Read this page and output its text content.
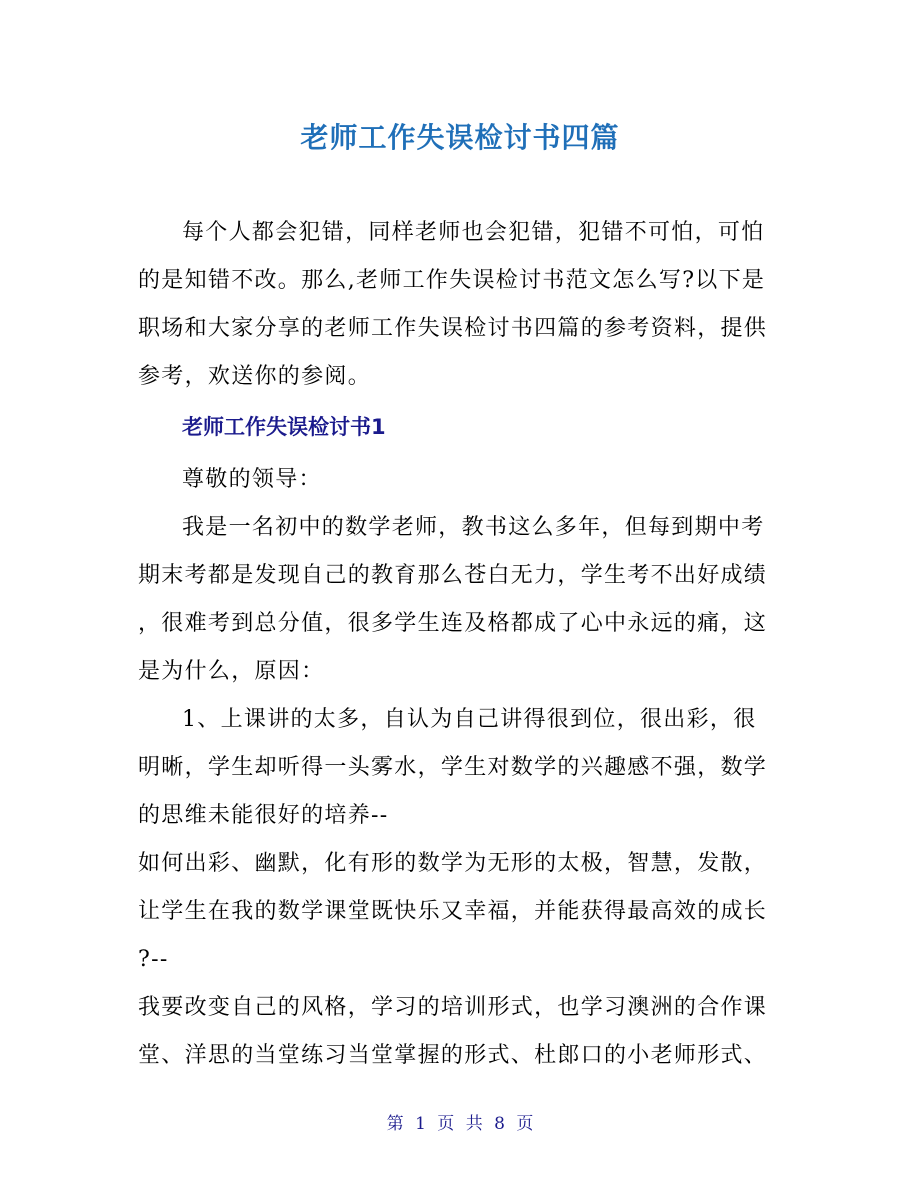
老师工作失误检讨书四篇
每个人都会犯错，同样老师也会犯错，犯错不可怕，可怕
的是知错不改。那么,老师工作失误检讨书范文怎么写?以下是
职场和大家分享的老师工作失误检讨书四篇的参考资料，提供
参考，欢送你的参阅。
老师工作失误检讨书1
尊敬的领导：
我是一名初中的数学老师，教书这么多年，但每到期中考
期末考都是发现自己的教育那么苍白无力，学生考不出好成绩
，很难考到总分值，很多学生连及格都成了心中永远的痛，这
是为什么，原因：
1、上课讲的太多，自认为自己讲得很到位，很出彩，很
明晰，学生却听得一头雾水，学生对数学的兴趣感不强，数学
的思维未能很好的培养--
如何出彩、幽默，化有形的数学为无形的太极，智慧，发散，
让学生在我的数学课堂既快乐又幸福，并能获得最高效的成长
?--
我要改变自己的风格，学习的培训形式，也学习澳洲的合作课
堂、洋思的当堂练习当堂掌握的形式、杜郎口的小老师形式、
第 1 页 共 8 页
